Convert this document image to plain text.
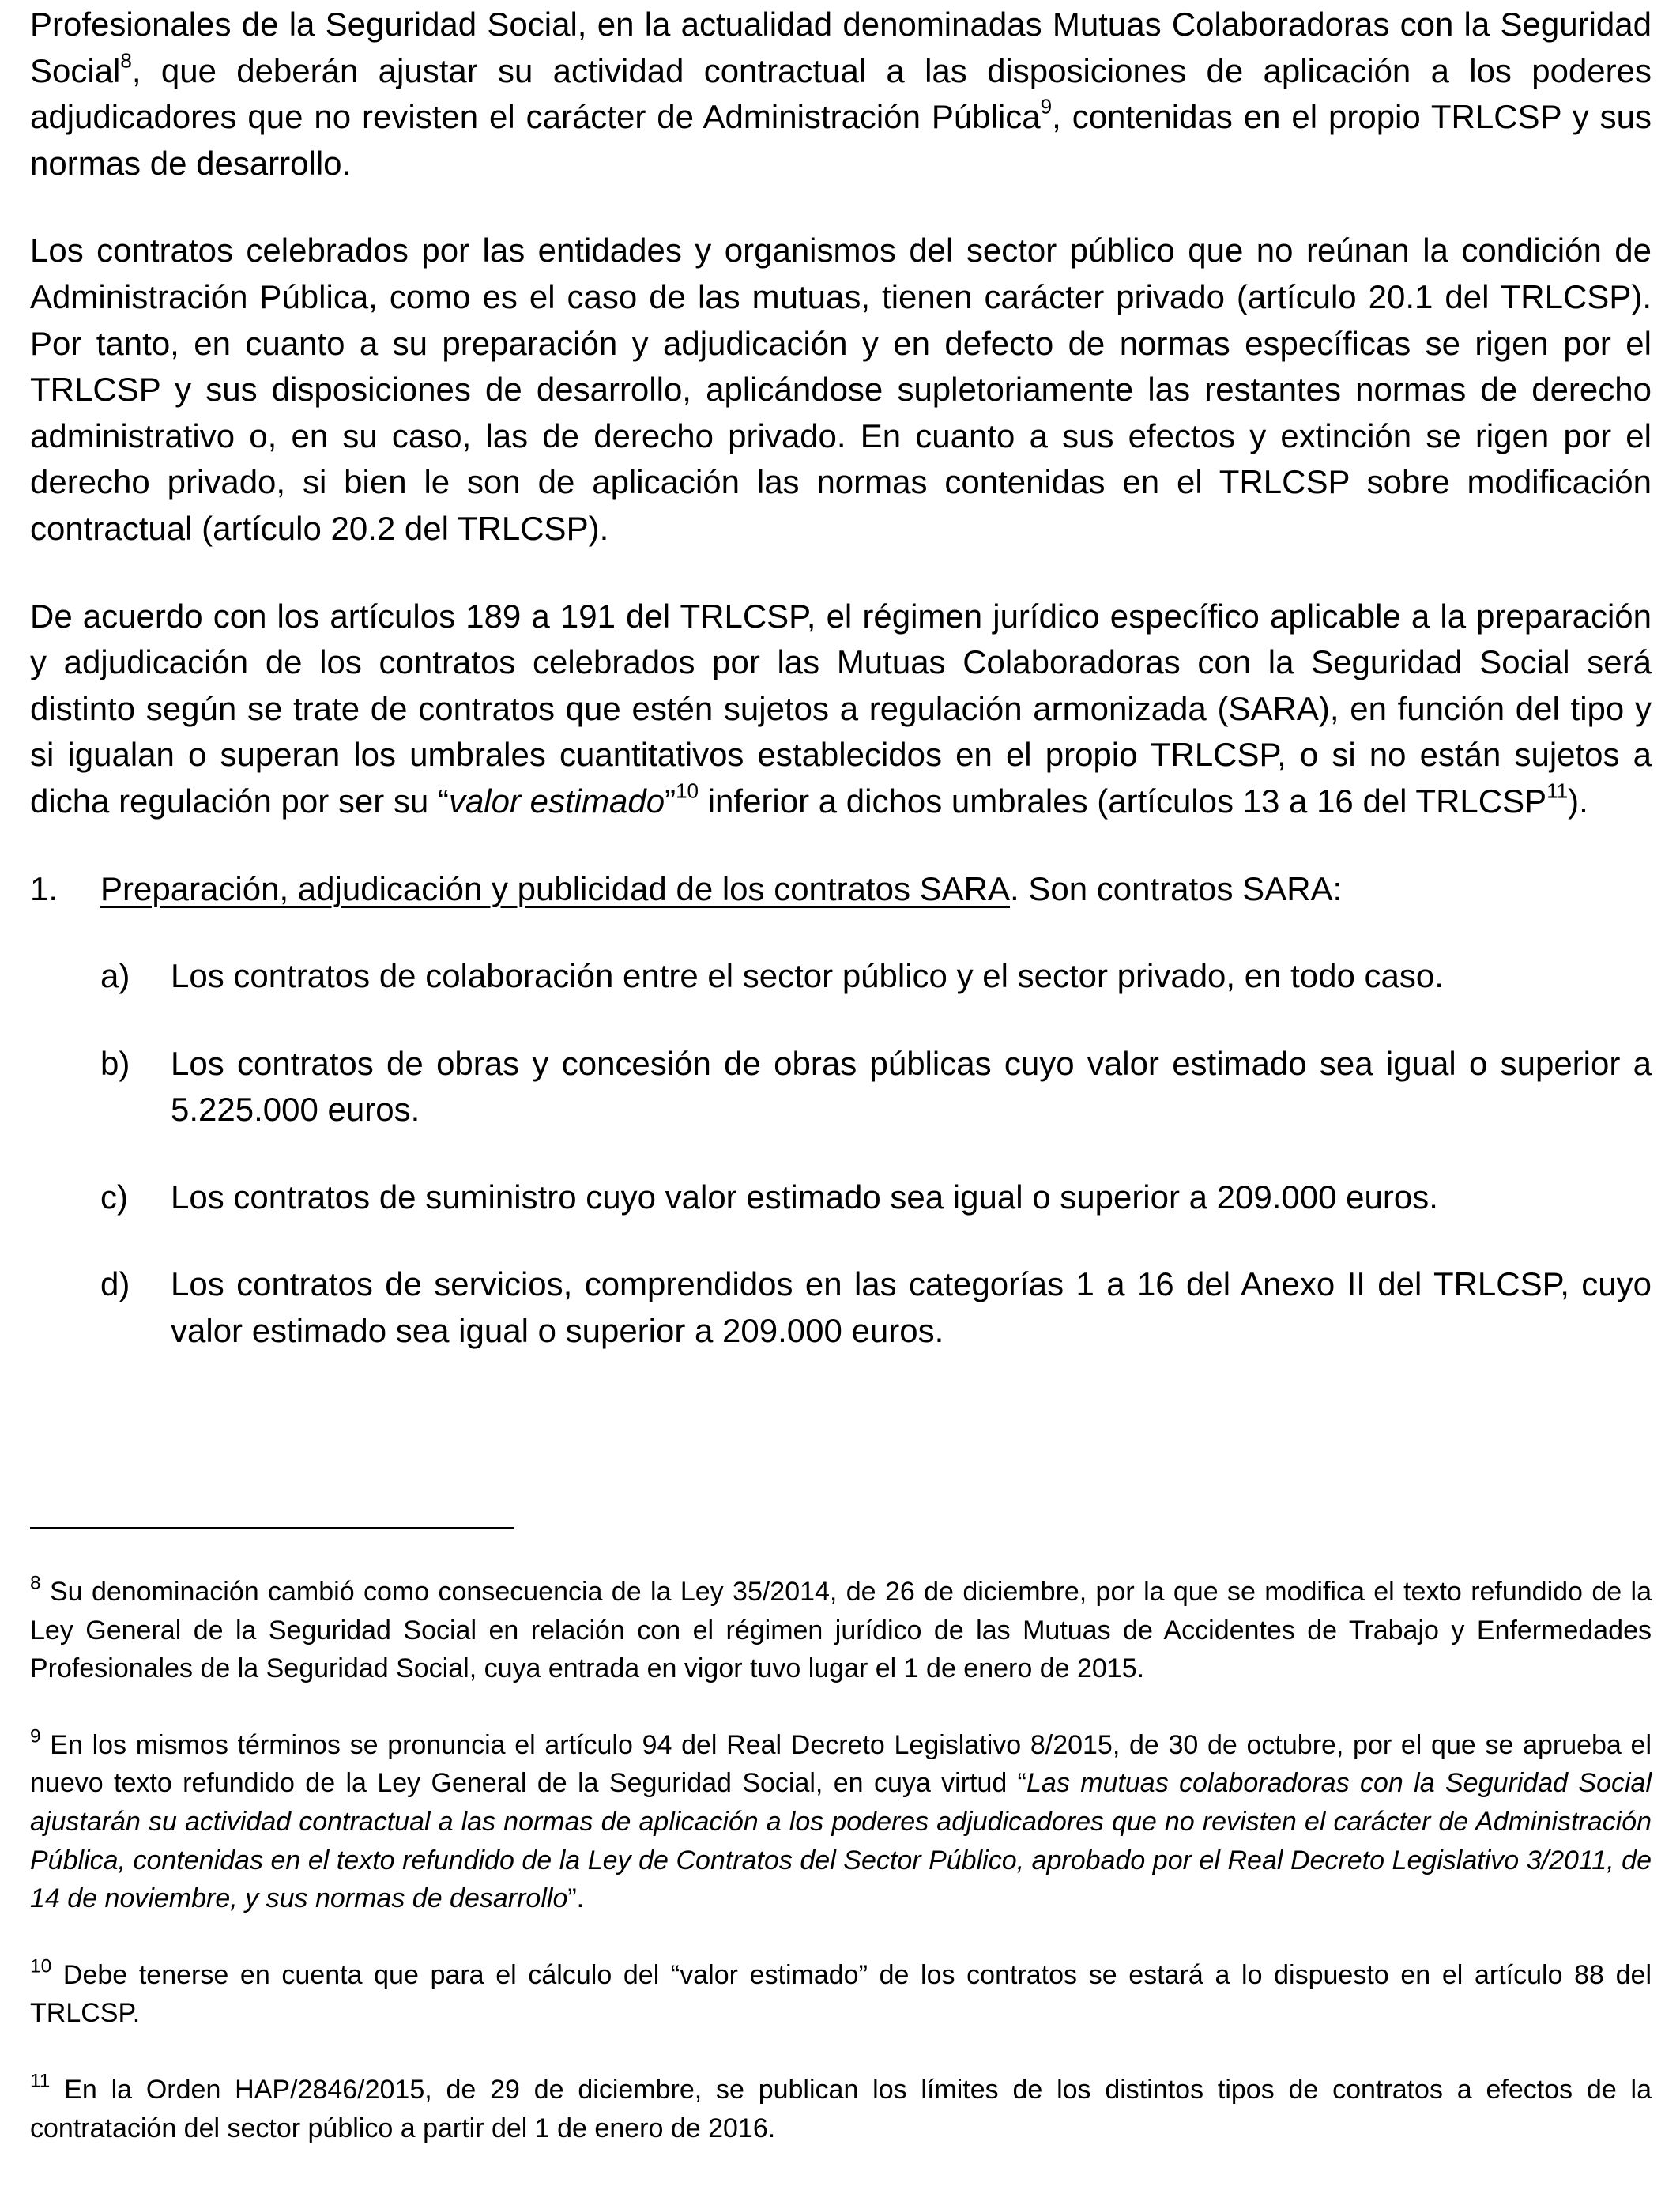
Profesionales de la Seguridad Social, en la actualidad denominadas Mutuas Colaboradoras con la Seguridad Social$^8$, que deberán ajustar su actividad contractual a las disposiciones de aplicación a los poderes adjudicadores que no revisten el carácter de Administración Pública$^9$, contenidas en el propio TRLCSP y sus normas de desarrollo.

Los contratos celebrados por las entidades y organismos del sector público que no reúnan la condición de Administración Pública, como es el caso de las mutuas, tienen carácter privado (artículo 20.1 del TRLCSP). Por tanto, en cuanto a su preparación y adjudicación y en defecto de normas específicas se rigen por el TRLCSP y sus disposiciones de desarrollo, aplicándose supletoriamente las restantes normas de derecho administrativo o, en su caso, las de derecho privado. En cuanto a sus efectos y extinción se rigen por el derecho privado, si bien le son de aplicación las normas contenidas en el TRLCSP sobre modificación contractual (artículo 20.2 del TRLCSP).

De acuerdo con los artículos 189 a 191 del TRLCSP, el régimen jurídico específico aplicable a la preparación y adjudicación de los contratos celebrados por las Mutuas Colaboradoras con la Seguridad Social será distinto según se trate de contratos que estén sujetos a regulación armonizada (SARA), en función del tipo y si igualan o superan los umbrales cuantitativos establecidos en el propio TRLCSP, o si no están sujetos a dicha regulación por ser su “valor estimado”$^{10}$ inferior a dichos umbrales (artículos 13 a 16 del TRLCSP$^{11}$).

1.	Preparación, adjudicación y publicidad de los contratos SARA. Son contratos SARA:
a)	Los contratos de colaboración entre el sector público y el sector privado, en todo caso.
b)	Los contratos de obras y concesión de obras públicas cuyo valor estimado sea igual o superior a 5.225.000 euros.
c)	Los contratos de suministro cuyo valor estimado sea igual o superior a 209.000 euros.
d)	Los contratos de servicios, comprendidos en las categorías 1 a 16 del Anexo II del TRLCSP, cuyo valor estimado sea igual o superior a 209.000 euros.

$^8$ Su denominación cambió como consecuencia de la Ley 35/2014, de 26 de diciembre, por la que se modifica el texto refundido de la Ley General de la Seguridad Social en relación con el régimen jurídico de las Mutuas de Accidentes de Trabajo y Enfermedades Profesionales de la Seguridad Social, cuya entrada en vigor tuvo lugar el 1 de enero de 2015.

$^9$ En los mismos términos se pronuncia el artículo 94 del Real Decreto Legislativo 8/2015, de 30 de octubre, por el que se aprueba el nuevo texto refundido de la Ley General de la Seguridad Social, en cuya virtud “Las mutuas colaboradoras con la Seguridad Social ajustarán su actividad contractual a las normas de aplicación a los poderes adjudicadores que no revisten el carácter de Administración Pública, contenidas en el texto refundido de la Ley de Contratos del Sector Público, aprobado por el Real Decreto Legislativo 3/2011, de 14 de noviembre, y sus normas de desarrollo”.

$^{10}$ Debe tenerse en cuenta que para el cálculo del “valor estimado” de los contratos se estará a lo dispuesto en el artículo 88 del TRLCSP.

$^{11}$ En la Orden HAP/2846/2015, de 29 de diciembre, se publican los límites de los distintos tipos de contratos a efectos de la contratación del sector público a partir del 1 de enero de 2016.
